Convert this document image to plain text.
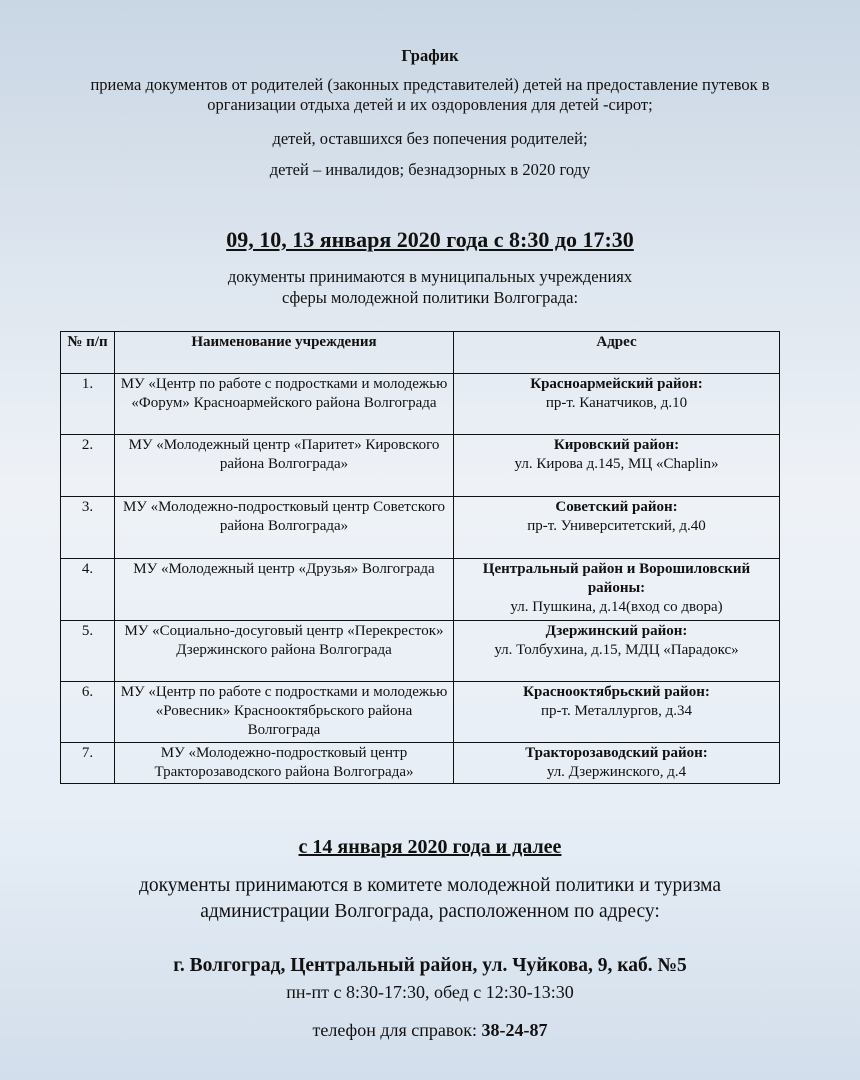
График
приема документов от родителей (законных представителей) детей на предоставление путевок в организации отдыха детей и их оздоровления для детей -сирот;
детей, оставшихся без попечения родителей;
детей – инвалидов; безнадзорных в 2020 году
09, 10, 13 января 2020 года с 8:30 до 17:30
документы принимаются в муниципальных учреждениях
сферы молодежной политики Волгограда:
№ п/п	Наименование учреждения	Адрес
1.	МУ «Центр по работе с подростками и молодежью «Форум» Красноармейского района Волгограда	Красноармейский район:
пр-т. Канатчиков, д.10
2.	МУ «Молодежный центр «Паритет» Кировского района Волгограда»	Кировский район:
ул. Кирова д.145, МЦ «Chaplin»
3.	МУ «Молодежно-подростковый центр Советского района Волгограда»	Советский район:
пр-т. Университетский, д.40
4.	МУ «Молодежный центр «Друзья» Волгограда	Центральный район и Ворошиловский районы:
ул. Пушкина, д.14(вход со двора)
5.	МУ «Социально-досуговый центр «Перекресток» Дзержинского района Волгограда	Дзержинский район:
ул. Толбухина, д.15, МДЦ «Парадокс»
6.	МУ «Центр по работе с подростками и молодежью «Ровесник» Краснооктябрьского района Волгограда	Краснооктябрьский район:
пр-т. Металлургов, д.34
7.	МУ «Молодежно-подростковый центр Тракторозаводского района Волгограда»	Тракторозаводский район:
ул. Дзержинского, д.4
с 14 января 2020 года и далее
документы принимаются в комитете молодежной политики и туризма
администрации Волгограда, расположенном по адресу:
г. Волгоград, Центральный район, ул. Чуйкова, 9, каб. №5
пн-пт с 8:30-17:30, обед с 12:30-13:30
телефон для справок: 38-24-87
